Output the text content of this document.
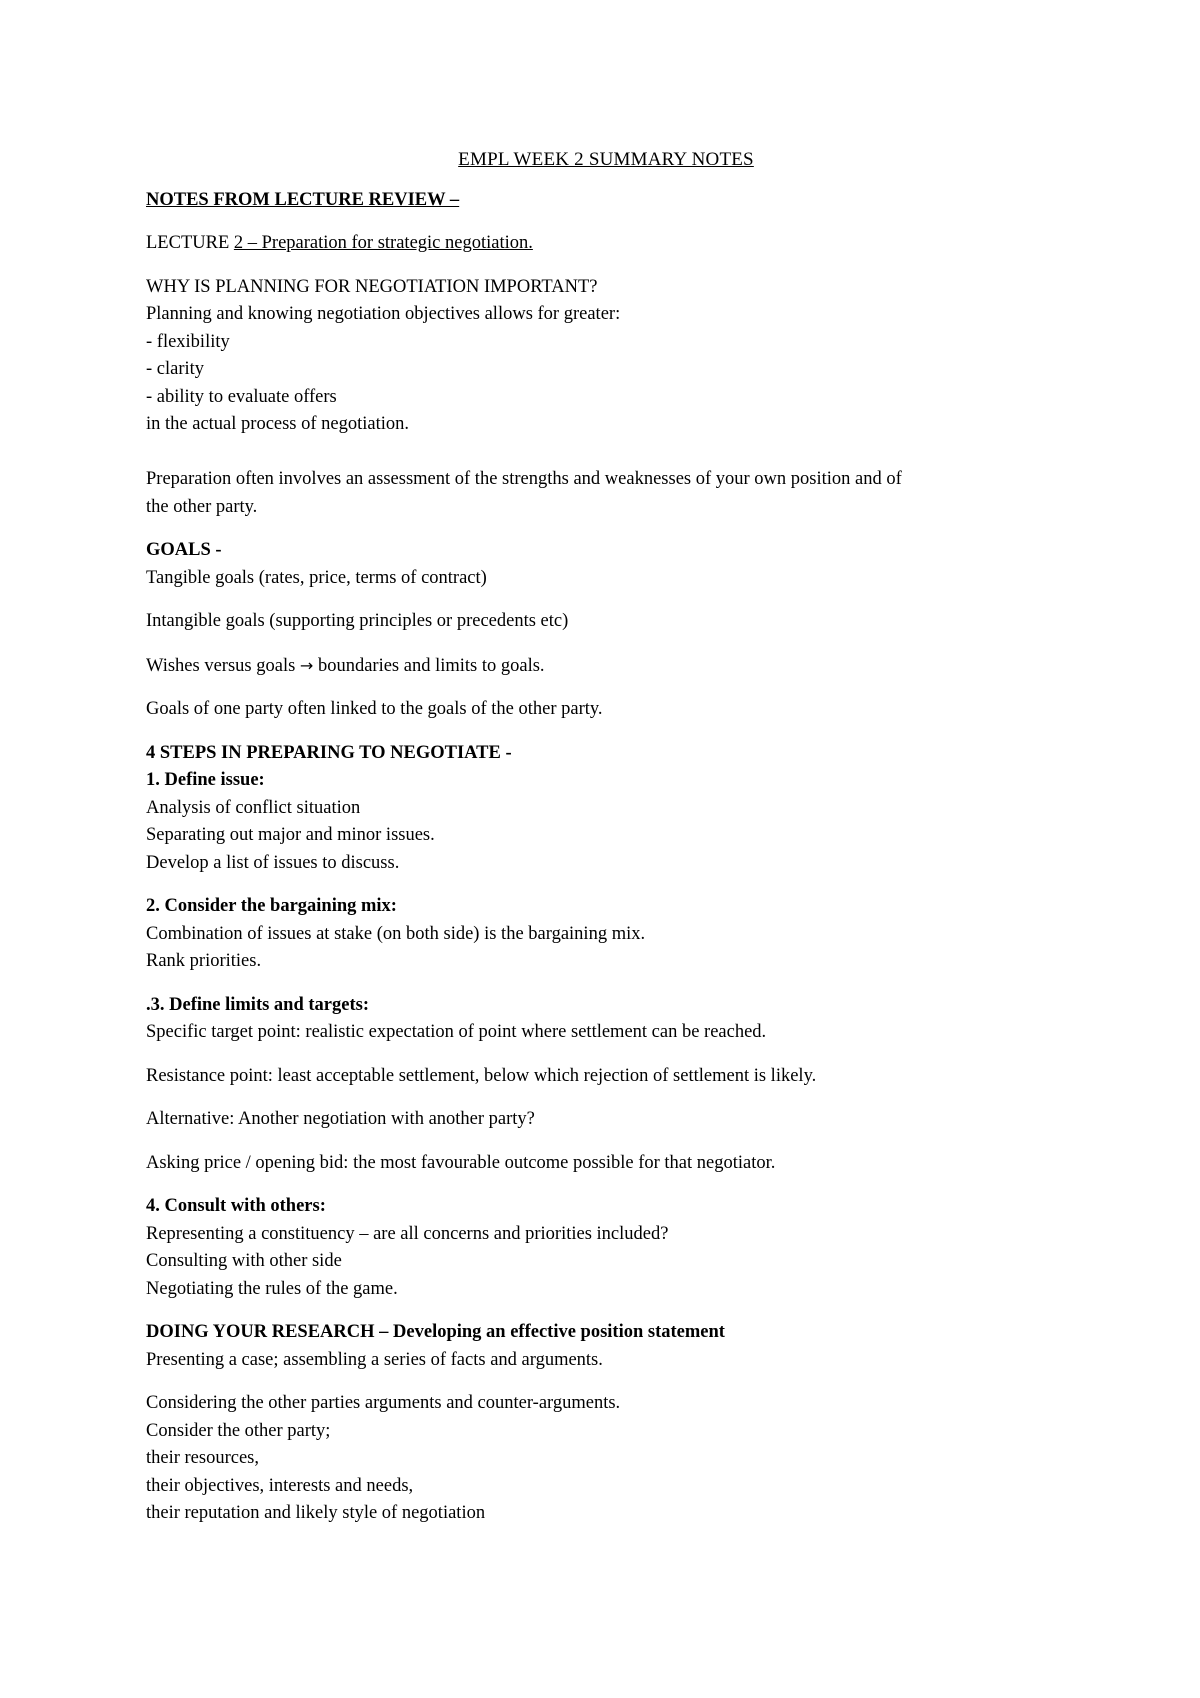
EMPL WEEK 2 SUMMARY NOTES
NOTES FROM LECTURE REVIEW –
LECTURE 2 – Preparation for strategic negotiation.
WHY IS PLANNING FOR NEGOTIATION IMPORTANT?
Planning and knowing negotiation objectives allows for greater:
- flexibility
- clarity
- ability to evaluate offers
in the actual process of negotiation.
Preparation often involves an assessment of the strengths and weaknesses of your own position and of
the other party.
GOALS -
Tangible goals (rates, price, terms of contract)
Intangible goals (supporting principles or precedents etc)
Wishes versus goals → boundaries and limits to goals.
Goals of one party often linked to the goals of the other party.
4 STEPS IN PREPARING TO NEGOTIATE -
1. Define issue:
Analysis of conflict situation
Separating out major and minor issues.
Develop a list of issues to discuss.
2. Consider the bargaining mix:
Combination of issues at stake (on both side) is the bargaining mix.
Rank priorities.
.3. Define limits and targets:
Specific target point: realistic expectation of point where settlement can be reached.
Resistance point: least acceptable settlement, below which rejection of settlement is likely.
Alternative: Another negotiation with another party?
Asking price / opening bid: the most favourable outcome possible for that negotiator.
4. Consult with others:
Representing a constituency – are all concerns and priorities included?
Consulting with other side
Negotiating the rules of the game.
DOING YOUR RESEARCH – Developing an effective position statement
Presenting a case; assembling a series of facts and arguments.
Considering the other parties arguments and counter-arguments.
Consider the other party;
their resources,
their objectives, interests and needs,
their reputation and likely style of negotiation
